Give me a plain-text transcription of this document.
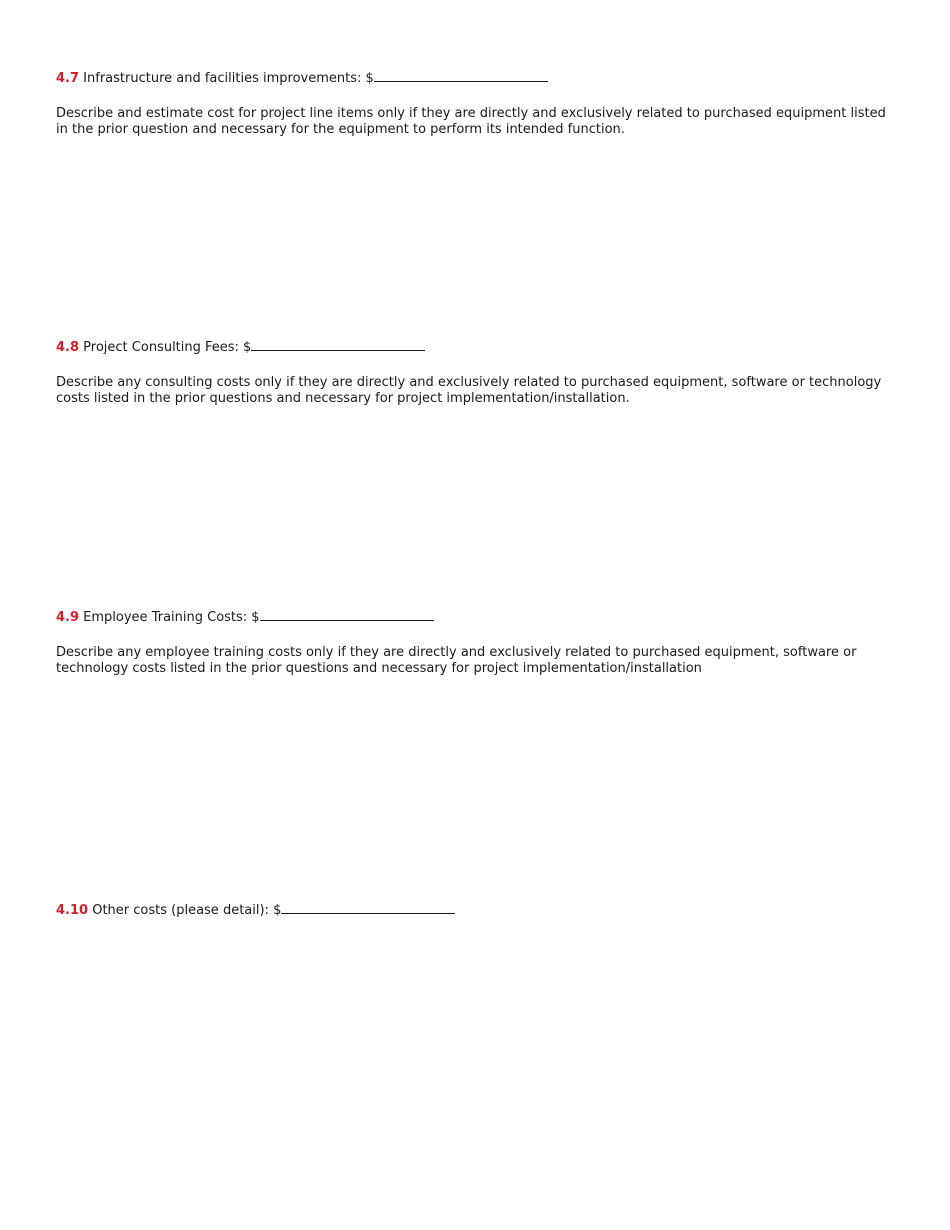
4.7 Infrastructure and facilities improvements: $

Describe and estimate cost for project line items only if they are directly and exclusively related to purchased equipment listed in the prior question and necessary for the equipment to perform its intended function.

4.8 Project Consulting Fees: $

Describe any consulting costs only if they are directly and exclusively related to purchased equipment, software or technology costs listed in the prior questions and necessary for project implementation/installation.

4.9 Employee Training Costs: $

Describe any employee training costs only if they are directly and exclusively related to purchased equipment, software or technology costs listed in the prior questions and necessary for project implementation/installation

4.10 Other costs (please detail): $
